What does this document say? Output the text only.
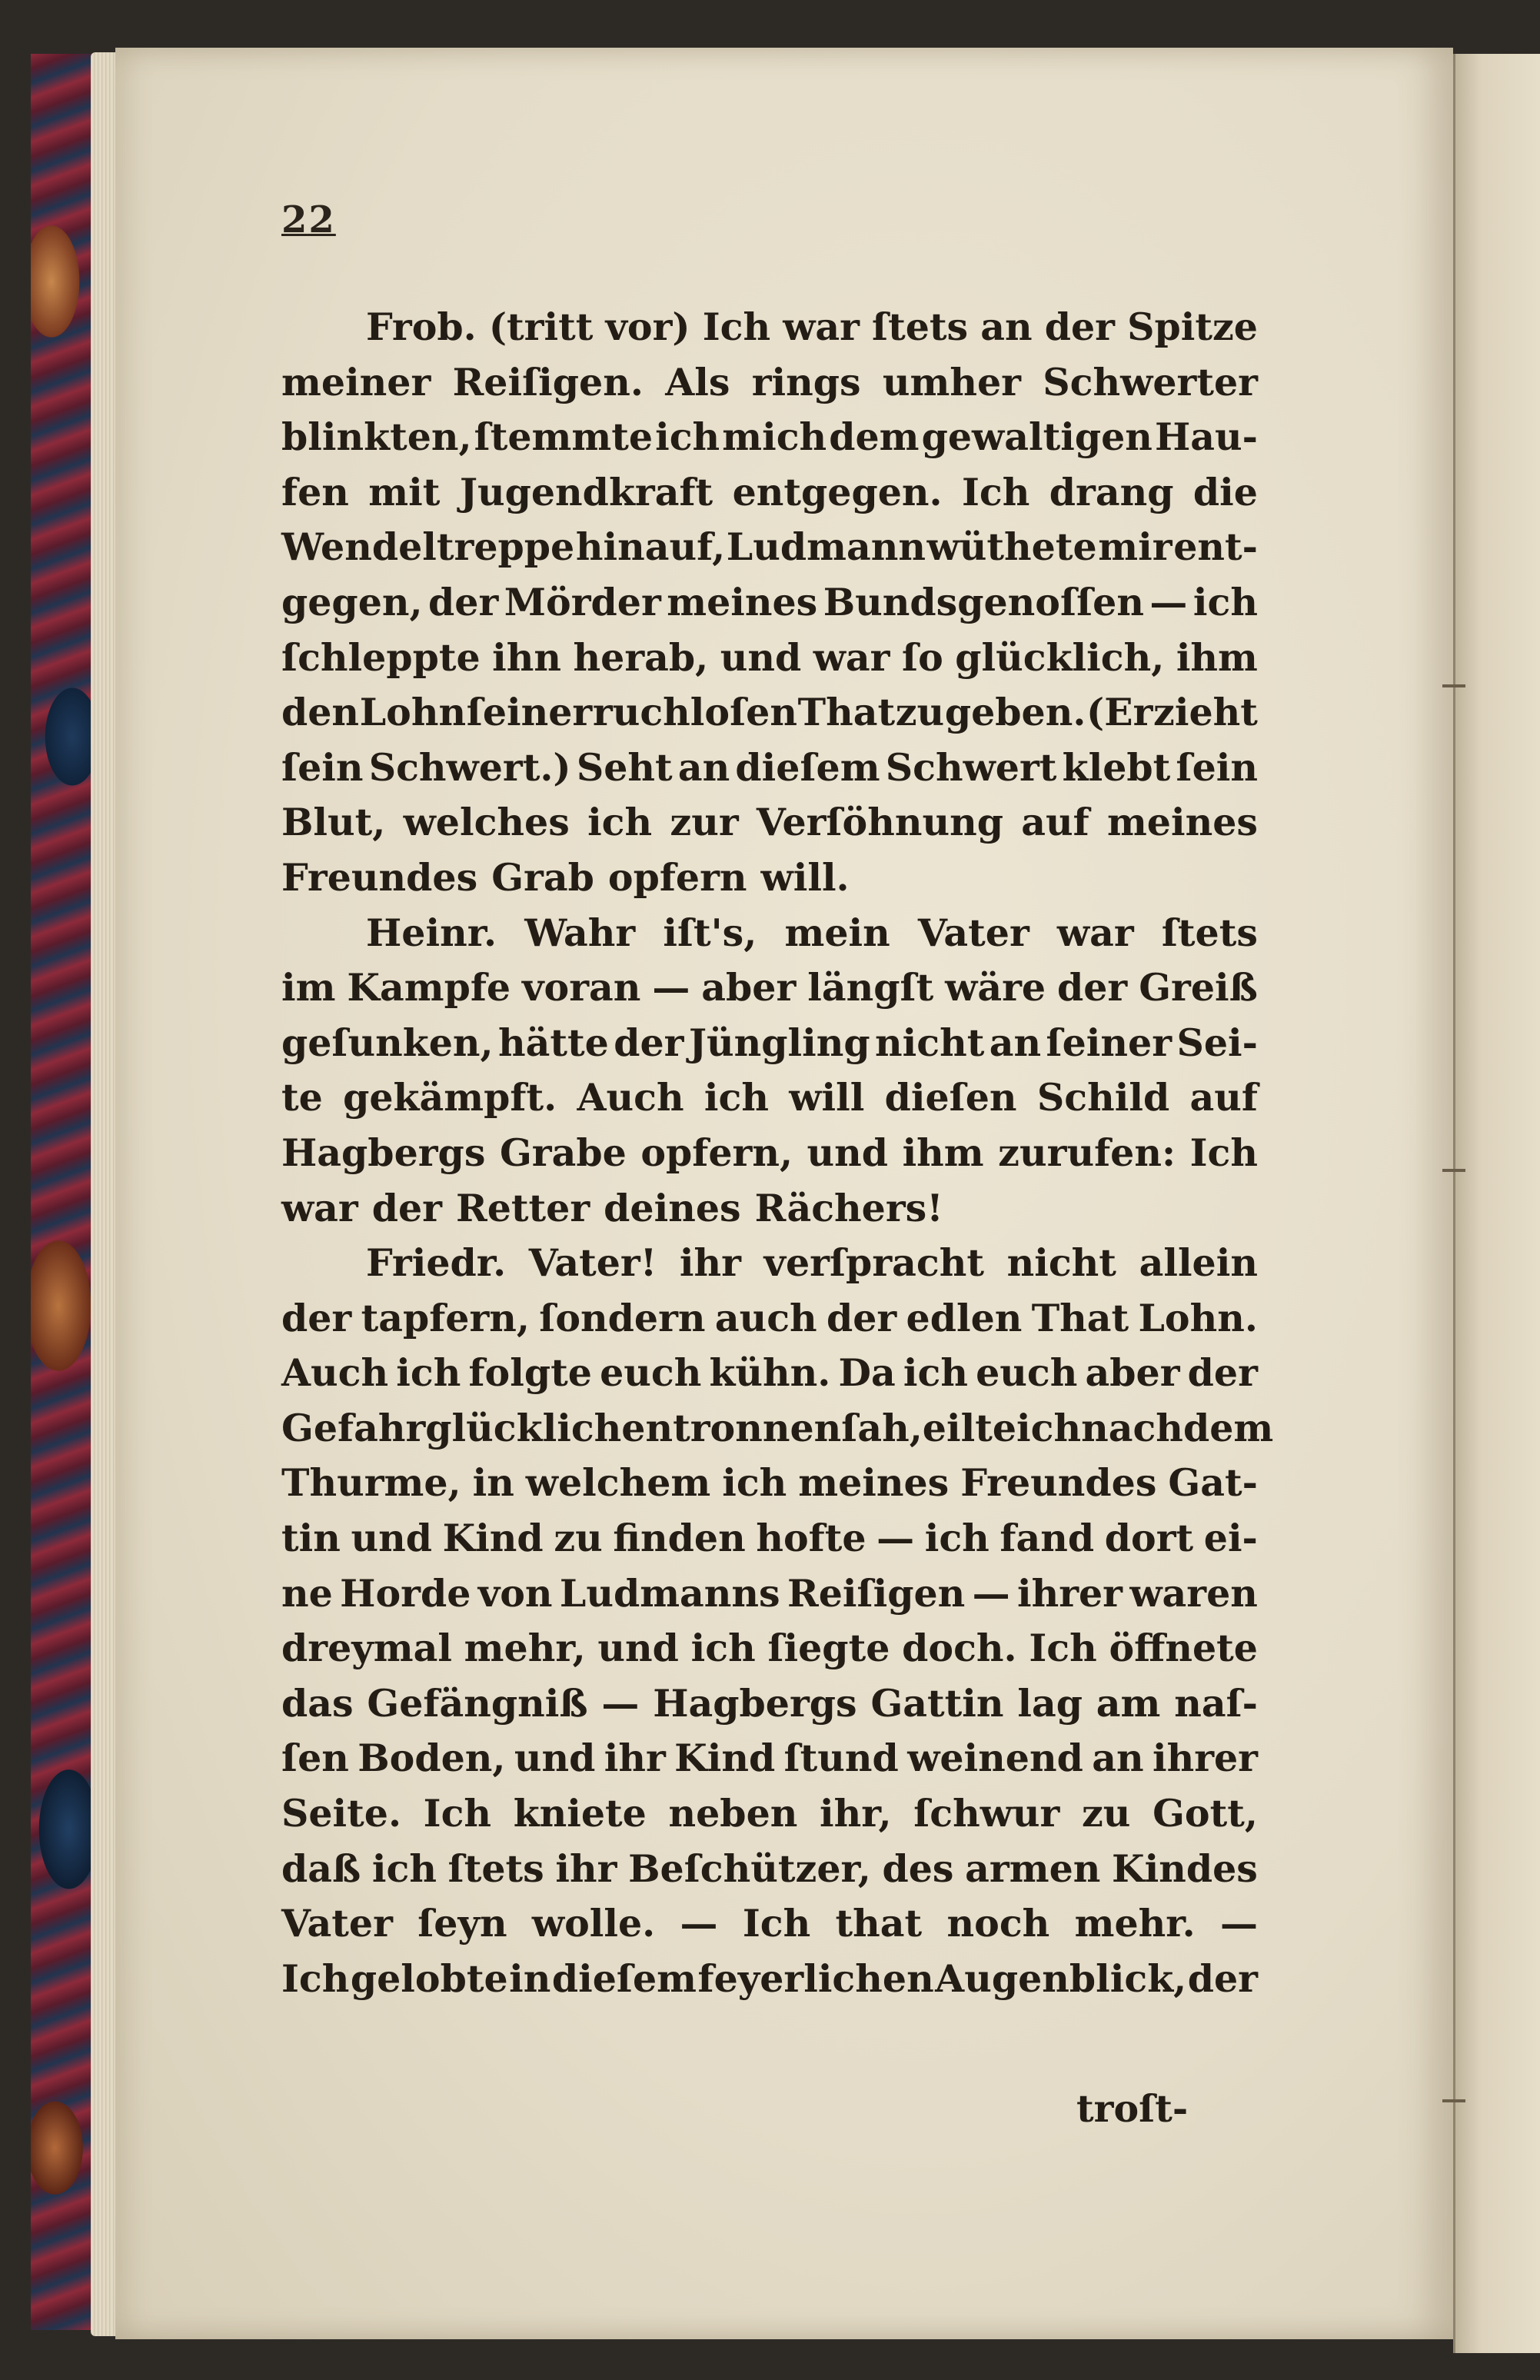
22
Frob. (tritt vor) Ich war ſtets an der Spitze
meiner Reiſigen. Als rings umher Schwerter
blinkten, ſtemmte ich mich dem gewaltigen Hau-
fen mit Jugendkraft entgegen. Ich drang die
Wendeltreppe hinauf, Ludmann wüthete mir ent-
gegen, der Mörder meines Bundsgenoſſen — ich
ſchleppte ihn herab, und war ſo glücklich, ihm
den Lohn ſeiner ruchloſen That zu geben. (Er zieht
ſein Schwert.) Seht an dieſem Schwert klebt ſein
Blut, welches ich zur Verſöhnung auf meines
Freundes Grab opfern will.
Heinr. Wahr iſt's, mein Vater war ſtets
im Kampfe voran — aber längſt wäre der Greiß
geſunken, hätte der Jüngling nicht an ſeiner Sei-
te gekämpft. Auch ich will dieſen Schild auf
Hagbergs Grabe opfern, und ihm zurufen: Ich
war der Retter deines Rächers!
Friedr. Vater! ihr verſpracht nicht allein
der tapfern, ſondern auch der edlen That Lohn.
Auch ich folgte euch kühn. Da ich euch aber der
Gefahr glücklich entronnen ſah, eilte ich nach dem
Thurme, in welchem ich meines Freundes Gat-
tin und Kind zu finden hofte — ich fand dort ei-
ne Horde von Ludmanns Reiſigen — ihrer waren
dreymal mehr, und ich ſiegte doch. Ich öffnete
das Gefängniß — Hagbergs Gattin lag am naſ-
ſen Boden, und ihr Kind ſtund weinend an ihrer
Seite. Ich kniete neben ihr, ſchwur zu Gott,
daß ich ſtets ihr Beſchützer, des armen Kindes
Vater ſeyn wolle. — Ich that noch mehr. —
Ich gelobte in dieſem feyerlichen Augenblick, der
troſt-
